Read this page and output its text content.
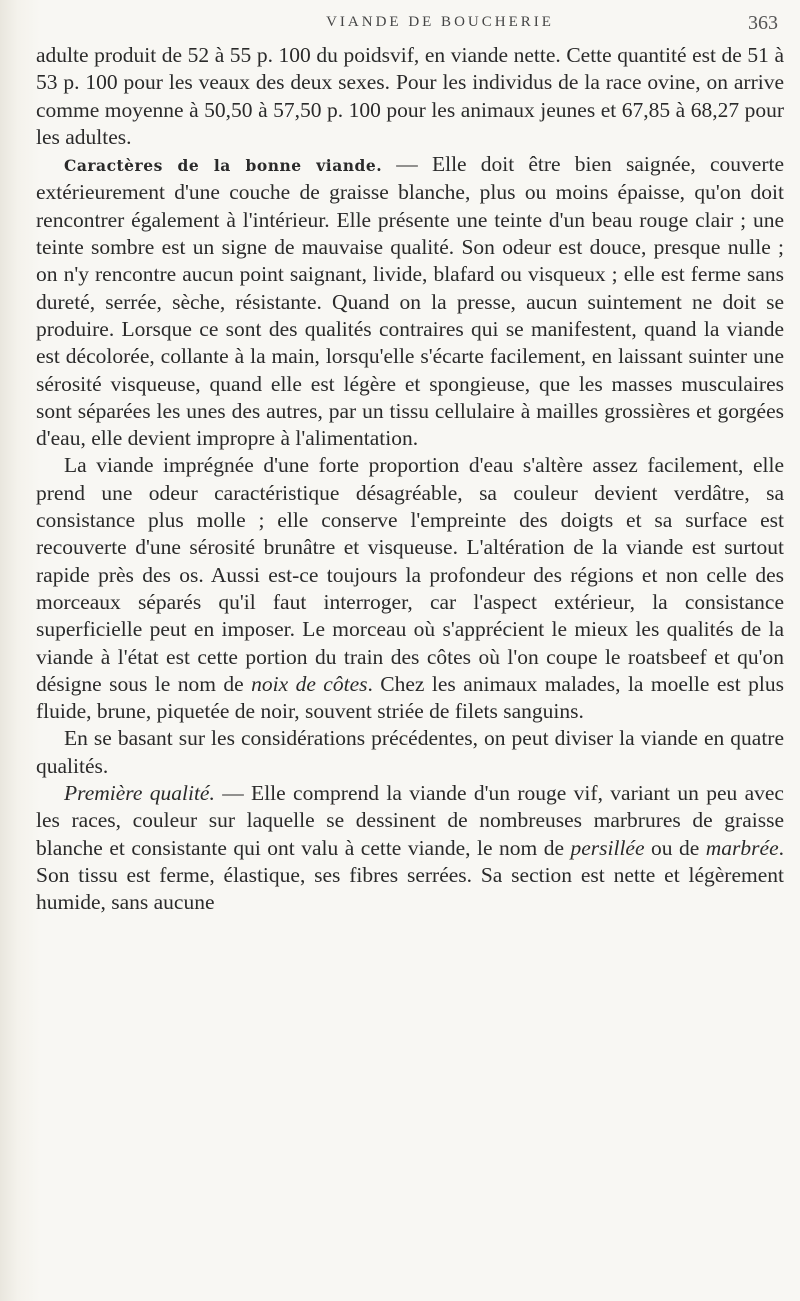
VIANDE DE BOUCHERIE	363

adulte produit de 52 à 55 p. 100 du poidsvif, en viande nette. Cette quantité est de 51 à 53 p. 100 pour les veaux des deux sexes. Pour les individus de la race ovine, on arrive comme moyenne à 50,50 à 57,50 p. 100 pour les animaux jeunes et 67,85 à 68,27 pour les adultes.

Caractères de la bonne viande. — Elle doit être bien saignée, couverte extérieurement d'une couche de graisse blanche, plus ou moins épaisse, qu'on doit rencontrer également à l'intérieur. Elle présente une teinte d'un beau rouge clair ; une teinte sombre est un signe de mauvaise qualité. Son odeur est douce, presque nulle ; on n'y rencontre aucun point saignant, livide, blafard ou visqueux ; elle est ferme sans dureté, serrée, sèche, résistante. Quand on la presse, aucun suintement ne doit se produire. Lorsque ce sont des qualités contraires qui se manifestent, quand la viande est décolorée, collante à la main, lorsqu'elle s'écarte facilement, en laissant suinter une sérosité visqueuse, quand elle est légère et spongieuse, que les masses musculaires sont séparées les unes des autres, par un tissu cellulaire à mailles grossières et gorgées d'eau, elle devient impropre à l'alimentation.

La viande imprégnée d'une forte proportion d'eau s'altère assez facilement, elle prend une odeur caractéristique désagréable, sa couleur devient verdâtre, sa consistance plus molle ; elle conserve l'empreinte des doigts et sa surface est recouverte d'une sérosité brunâtre et visqueuse. L'altération de la viande est surtout rapide près des os. Aussi est-ce toujours la profondeur des régions et non celle des morceaux séparés qu'il faut interroger, car l'aspect extérieur, la consistance superficielle peut en imposer. Le morceau où s'apprécient le mieux les qualités de la viande à l'état est cette portion du train des côtes où l'on coupe le roatsbeef et qu'on désigne sous le nom de noix de côtes. Chez les animaux malades, la moelle est plus fluide, brune, piquetée de noir, souvent striée de filets sanguins.

En se basant sur les considérations précédentes, on peut diviser la viande en quatre qualités.

Première qualité. — Elle comprend la viande d'un rouge vif, variant un peu avec les races, couleur sur laquelle se dessinent de nombreuses marbrures de graisse blanche et consistante qui ont valu à cette viande, le nom de persillée ou de marbrée. Son tissu est ferme, élastique, ses fibres serrées. Sa section est nette et légèrement humide, sans aucune
